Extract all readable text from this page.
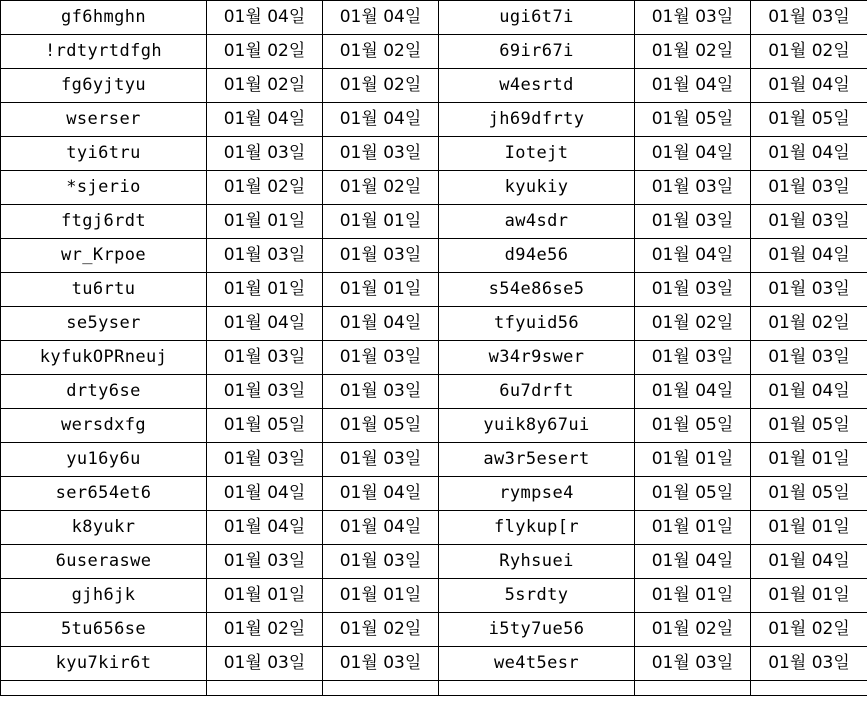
gf6hmghn	01월 04일	01월 04일	ugi6t7i	01월 03일	01월 03일
!rdtyrtdfgh	01월 02일	01월 02일	69ir67i	01월 02일	01월 02일
fg6yjtyu	01월 02일	01월 02일	w4esrtd	01월 04일	01월 04일
wserser	01월 04일	01월 04일	jh69dfrty	01월 05일	01월 05일
tyi6tru	01월 03일	01월 03일	Iotejt	01월 04일	01월 04일
*sjerio	01월 02일	01월 02일	kyukiy	01월 03일	01월 03일
ftgj6rdt	01월 01일	01월 01일	aw4sdr	01월 03일	01월 03일
wr_Krpoe	01월 03일	01월 03일	d94e56	01월 04일	01월 04일
tu6rtu	01월 01일	01월 01일	s54e86se5	01월 03일	01월 03일
se5yser	01월 04일	01월 04일	tfyuid56	01월 02일	01월 02일
kyfukOPRneuj	01월 03일	01월 03일	w34r9swer	01월 03일	01월 03일
drty6se	01월 03일	01월 03일	6u7drft	01월 04일	01월 04일
wersdxfg	01월 05일	01월 05일	yuik8y67ui	01월 05일	01월 05일
yu16y6u	01월 03일	01월 03일	aw3r5esert	01월 01일	01월 01일
ser654et6	01월 04일	01월 04일	rympse4	01월 05일	01월 05일
k8yukr	01월 04일	01월 04일	flykup[r	01월 01일	01월 01일
6useraswe	01월 03일	01월 03일	Ryhsuei	01월 04일	01월 04일
gjh6jk	01월 01일	01월 01일	5srdty	01월 01일	01월 01일
5tu656se	01월 02일	01월 02일	i5ty7ue56	01월 02일	01월 02일
kyu7kir6t	01월 03일	01월 03일	we4t5esr	01월 03일	01월 03일
